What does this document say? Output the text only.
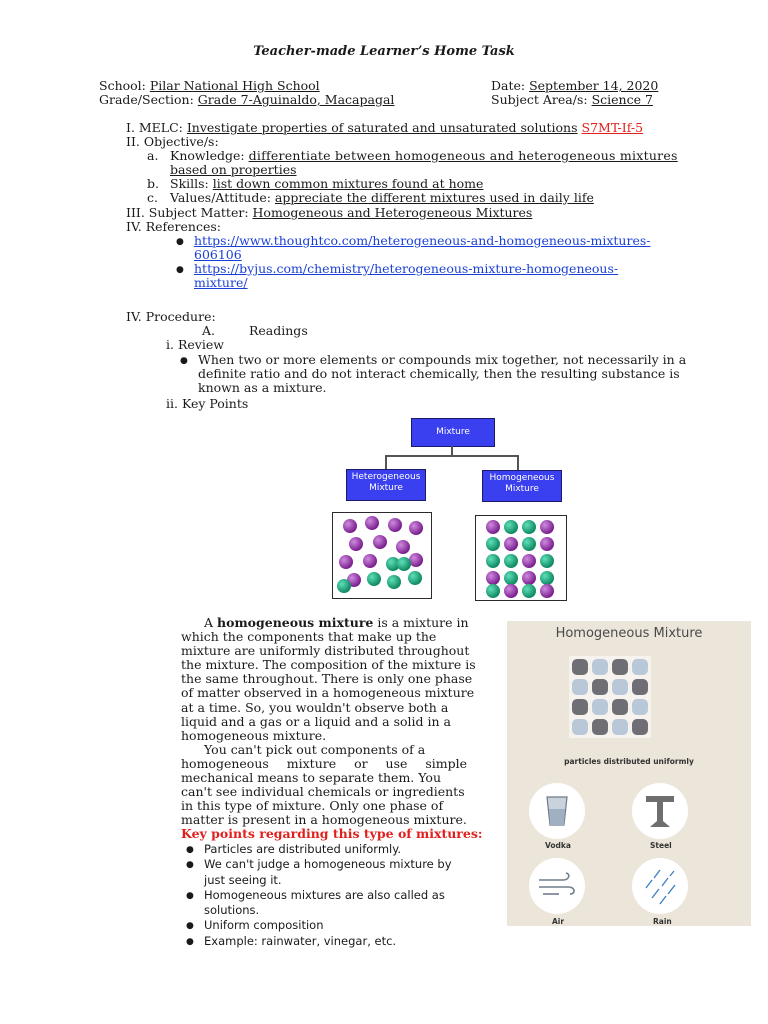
Teacher-made Learner’s Home Task
School: Pilar National High School	Date: September 14, 2020
Grade/Section: Grade 7-Aguinaldo, Macapagal	Subject Area/s: Science 7
I. MELC: Investigate properties of saturated and unsaturated solutions S7MT-If-5
II. Objective/s:
a. Knowledge: differentiate between homogeneous and heterogeneous mixtures
based on properties
b. Skills: list down common mixtures found at home
c. Values/Attitude: appreciate the different mixtures used in daily life
III. Subject Matter: Homogeneous and Heterogeneous Mixtures
IV. References:
● https://www.thoughtco.com/heterogeneous-and-homogeneous-mixtures-
606106
● https://byjus.com/chemistry/heterogeneous-mixture-homogeneous-
mixture/
IV. Procedure:
A.	Readings
i. Review
● When two or more elements or compounds mix together, not necessarily in a
definite ratio and do not interact chemically, then the resulting substance is
known as a mixture.
ii. Key Points
Mixture
Heterogeneous
Mixture
Homogeneous
Mixture
A homogeneous mixture is a mixture in
which the components that make up the
mixture are uniformly distributed throughout
the mixture. The composition of the mixture is
the same throughout. There is only one phase
of matter observed in a homogeneous mixture
at a time. So, you wouldn't observe both a
liquid and a gas or a liquid and a solid in a
homogeneous mixture.
You can't pick out components of a
homogeneous mixture or use simple
mechanical means to separate them. You
can't see individual chemicals or ingredients
in this type of mixture. Only one phase of
matter is present in a homogeneous mixture.
Key points regarding this type of mixtures:
● Particles are distributed uniformly.
● We can't judge a homogeneous mixture by
just seeing it.
● Homogeneous mixtures are also called as
solutions.
● Uniform composition
● Example: rainwater, vinegar, etc.
Homogeneous Mixture
particles distributed uniformly
Vodka	Steel
Air	Rain
